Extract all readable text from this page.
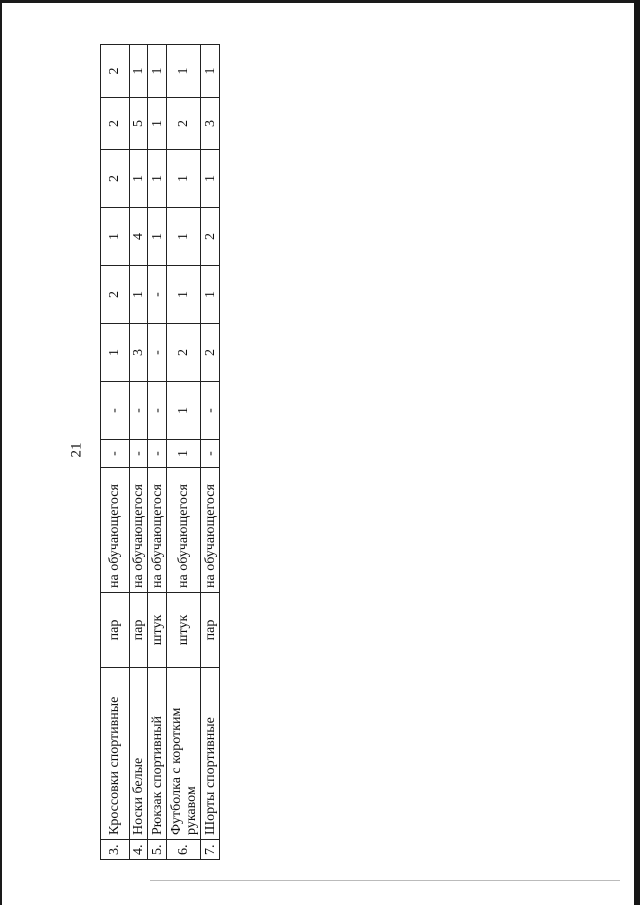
21
3.	Кроссовки спортивные	пар	на обучающегося	-	-	1	2	1	2	2	2
4.	Носки белые	пар	на обучающегося	-	-	3	1	4	1	5	1
5.	Рюкзак спортивный	штук	на обучающегося	-	-	-	-	1	1	1	1
6.	Футболка с коротким рукавом	штук	на обучающегося	1	1	2	1	1	1	2	1
7.	Шорты спортивные	пар	на обучающегося	-	-	2	1	2	1	3	1
